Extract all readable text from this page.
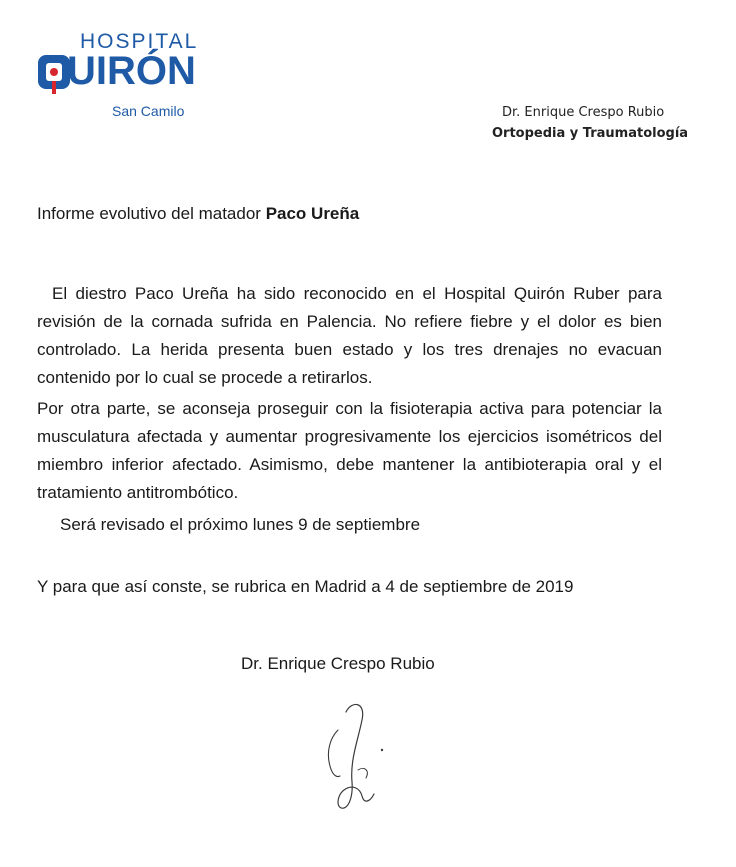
HOSPITAL
UIRÓN
San Camilo	Dr. Enrique Crespo Rubio
Ortopedia y Traumatología
Informe evolutivo del matador Paco Ureña
El diestro Paco Ureña ha sido reconocido en el Hospital Quirón Ruber para revisión de la cornada sufrida en Palencia. No refiere fiebre y el dolor es bien controlado. La herida presenta buen estado y los tres drenajes no evacuan contenido por lo cual se procede a retirarlos.
Por otra parte, se aconseja proseguir con la fisioterapia activa para potenciar la musculatura afectada y aumentar progresivamente los ejercicios isométricos del miembro inferior afectado. Asimismo, debe mantener la antibioterapia oral y el tratamiento antitrombótico.
Será revisado el próximo lunes 9 de septiembre
Y para que así conste, se rubrica en Madrid a 4 de septiembre de 2019
Dr. Enrique Crespo Rubio
